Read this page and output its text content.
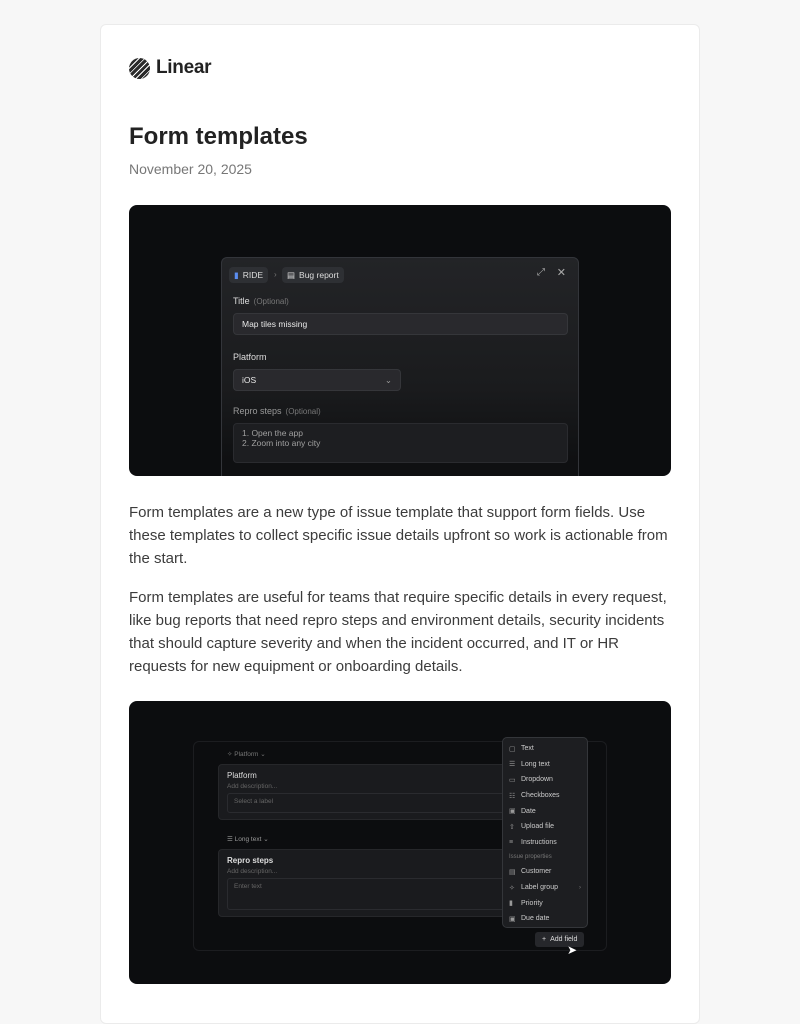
Linear
Form templates
November 20, 2025
▮ RIDE › ▤ Bug report	⤢ ✕
Title (Optional)
Map tiles missing
Platform
iOS	⌄
Repro steps (Optional)
1. Open the app
2. Zoom into any city

Form templates are a new type of issue template that support form fields. Use these templates to collect specific issue details upfront so work is actionable from the start.

Form templates are useful for teams that require specific details in every request, like bug reports that need repro steps and environment details, security incidents that should capture severity and when the incident occurred, and IT or HR requests for new equipment or onboarding details.

✧ Platform ⌄
Platform
Add description...
Select a label
☰ Long text ⌄
Repro steps
Add description...
Enter text
▢ Text
☰ Long text
▭ Dropdown
☷ Checkboxes
▣ Date
⇧ Upload file
≡	Instructions
Issue properties
▤ Customer
✧ Label group	›
▮	Priority
▣ Due date
+ Add field
➤
